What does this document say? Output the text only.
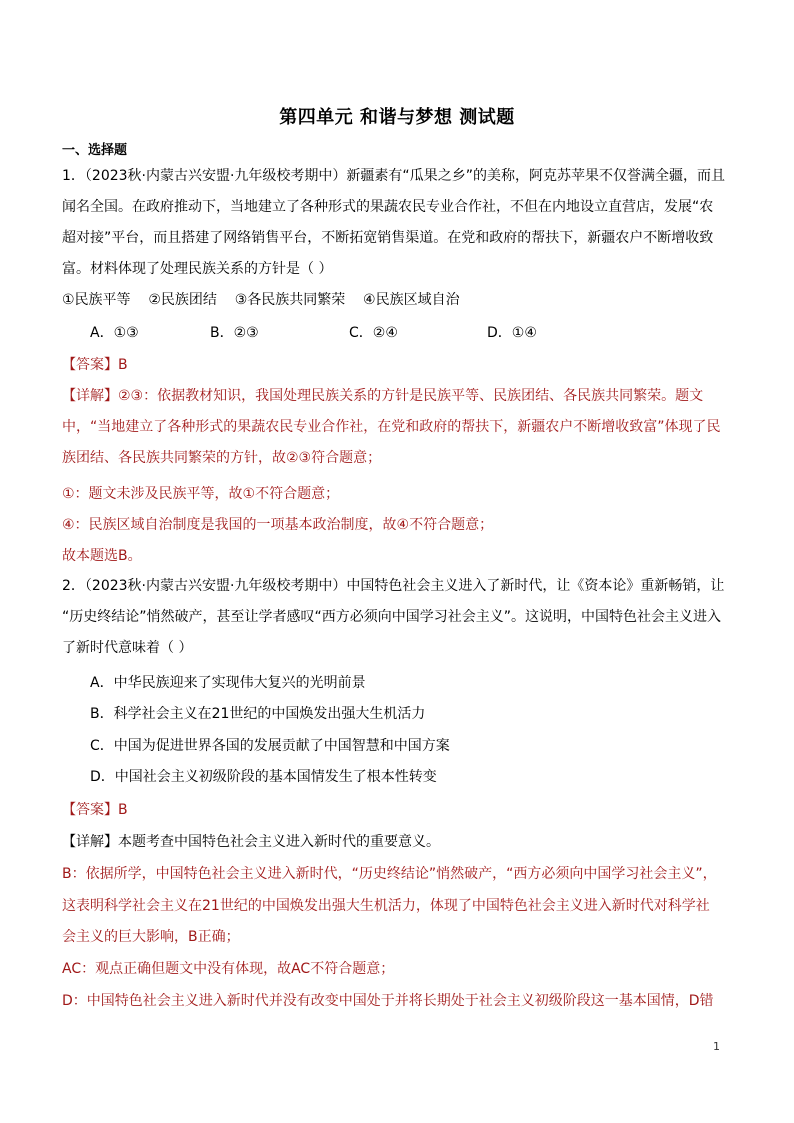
第四单元 和谐与梦想 测试题
一、选择题
1．（2023秋·内蒙古兴安盟·九年级校考期中）新疆素有“瓜果之乡”的美称，阿克苏苹果不仅誉满全疆，而且
闻名全国。在政府推动下，当地建立了各种形式的果蔬农民专业合作社，不但在内地设立直营店，发展“农
超对接”平台，而且搭建了网络销售平台，不断拓宽销售渠道。在党和政府的帮扶下，新疆农户不断增收致
富。材料体现了处理民族关系的方针是（ ）
①民族平等    ②民族团结    ③各民族共同繁荣    ④民族区域自治
A．①③	B．②③	C．②④	D．①④
【答案】B
【详解】②③：依据教材知识，我国处理民族关系的方针是民族平等、民族团结、各民族共同繁荣。题文
中，“当地建立了各种形式的果蔬农民专业合作社，在党和政府的帮扶下，新疆农户不断增收致富”体现了民
族团结、各民族共同繁荣的方针，故②③符合题意；
①：题文未涉及民族平等，故①不符合题意；
④：民族区域自治制度是我国的一项基本政治制度，故④不符合题意；
故本题选B。
2．（2023秋·内蒙古兴安盟·九年级校考期中）中国特色社会主义进入了新时代，让《资本论》重新畅销，让
“历史终结论”悄然破产，甚至让学者感叹“西方必须向中国学习社会主义”。这说明，中国特色社会主义进入
了新时代意味着（ ）
A．中华民族迎来了实现伟大复兴的光明前景
B．科学社会主义在21世纪的中国焕发出强大生机活力
C．中国为促进世界各国的发展贡献了中国智慧和中国方案
D．中国社会主义初级阶段的基本国情发生了根本性转变
【答案】B
【详解】本题考查中国特色社会主义进入新时代的重要意义。
B：依据所学，中国特色社会主义进入新时代，“历史终结论”悄然破产，“西方必须向中国学习社会主义”，
这表明科学社会主义在21世纪的中国焕发出强大生机活力，体现了中国特色社会主义进入新时代对科学社
会主义的巨大影响，B正确；
AC：观点正确但题文中没有体现，故AC不符合题意；
D：中国特色社会主义进入新时代并没有改变中国处于并将长期处于社会主义初级阶段这一基本国情，D错
1
